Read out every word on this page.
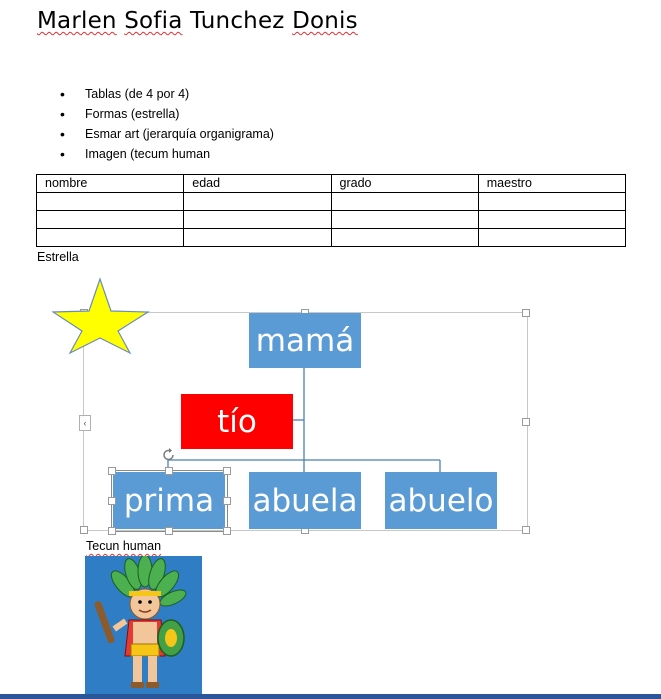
Marlen Sofia Tunchez Donis
• Tablas (de 4 por 4)
• Formas (estrella)
• Esmar art (jerarquía organigrama)
• Imagen (tecum human
nombre	edad	grado	maestro

Estrella
‹
mamá
tío
prima	abuela abuelo
Tecun human
